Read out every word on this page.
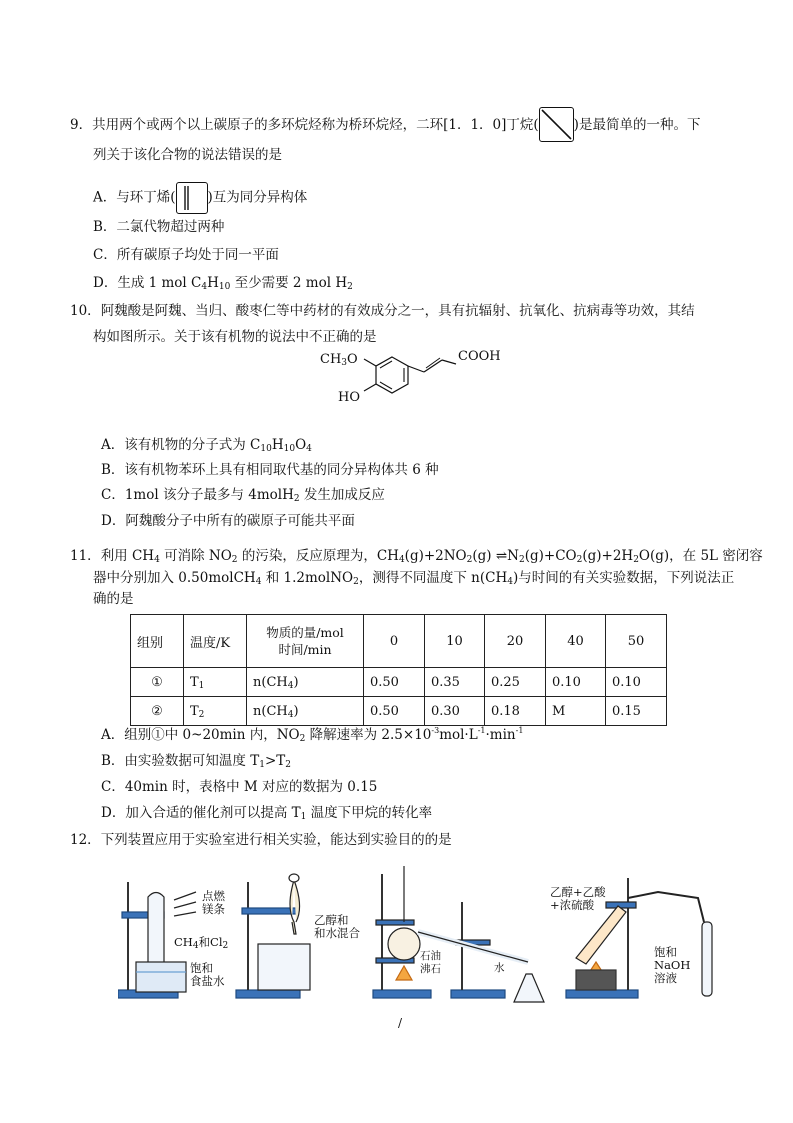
9．共用两个或两个以上碳原子的多环烷烃称为桥环烷烃，二环[1．1．0]丁烷(	)是最简单的一种。下
列关于该化合物的说法错误的是
A．与环丁烯( )互为同分异构体
B．二氯代物超过两种
C．所有碳原子均处于同一平面
D．生成 1 mol $C_4H_{10}$ 至少需要 2 mol $H_2$
10．阿魏酸是阿魏、当归、酸枣仁等中药材的有效成分之一，具有抗辐射、抗氧化、抗病毒等功效，其结
构如图所示。关于该有机物的说法中不正确的是
COOH
$CH_3O$
HO
A．该有机物的分子式为 $C_{10}H_{10}O_4$
B．该有机物苯环上具有相同取代基的同分异构体共 6 种
C．1mol 该分子最多与 4molH$_2$ 发生加成反应
D．阿魏酸分子中所有的碳原子可能共平面
11．利用 $CH_4$ 可消除 $NO_2$ 的污染，反应原理为，$CH_4(g)+2NO_2(g)$ $\rightleftharpoons N_2(g)+CO_2(g)+2H_2O(g)$，在 5L 密闭容
器中分别加入 0.50molCH$_4$ 和 1.2molNO$_2$，测得不同温度下 $n(CH_4)$与时间的有关实验数据，下列说法正
确的是
组别	温度/K	物质的量/mol
时间/min	0	10	20	40	50
①	$T_1$	$n(CH_4)$	0.50	0.35	0.25	0.10	0.10
②	$T_2$	$n(CH_4)$	0.50	0.30	0.18	M	0.15
A．组别①中 0~20min 内，$NO_2$ 降解速率为 $2.5\times 10^{-3}mol\cdot L^{-1}\cdot\min^{-1}$
B．由实验数据可知温度 $T_1>T_2$
C．40min 时，表格中 M 对应的数据为 0.15
D．加入合适的催化剂可以提高 $T_1$ 温度下甲烷的转化率
12．下列装置应用于实验室进行相关实验，能达到实验目的的是
点燃
镁条
$CH_4$和$Cl_2$
饱和
食盐水
乙醇和
和水混合
石油
沸石	水
乙醇+乙酸
+浓硫酸
饱和
NaOH
溶液
/
